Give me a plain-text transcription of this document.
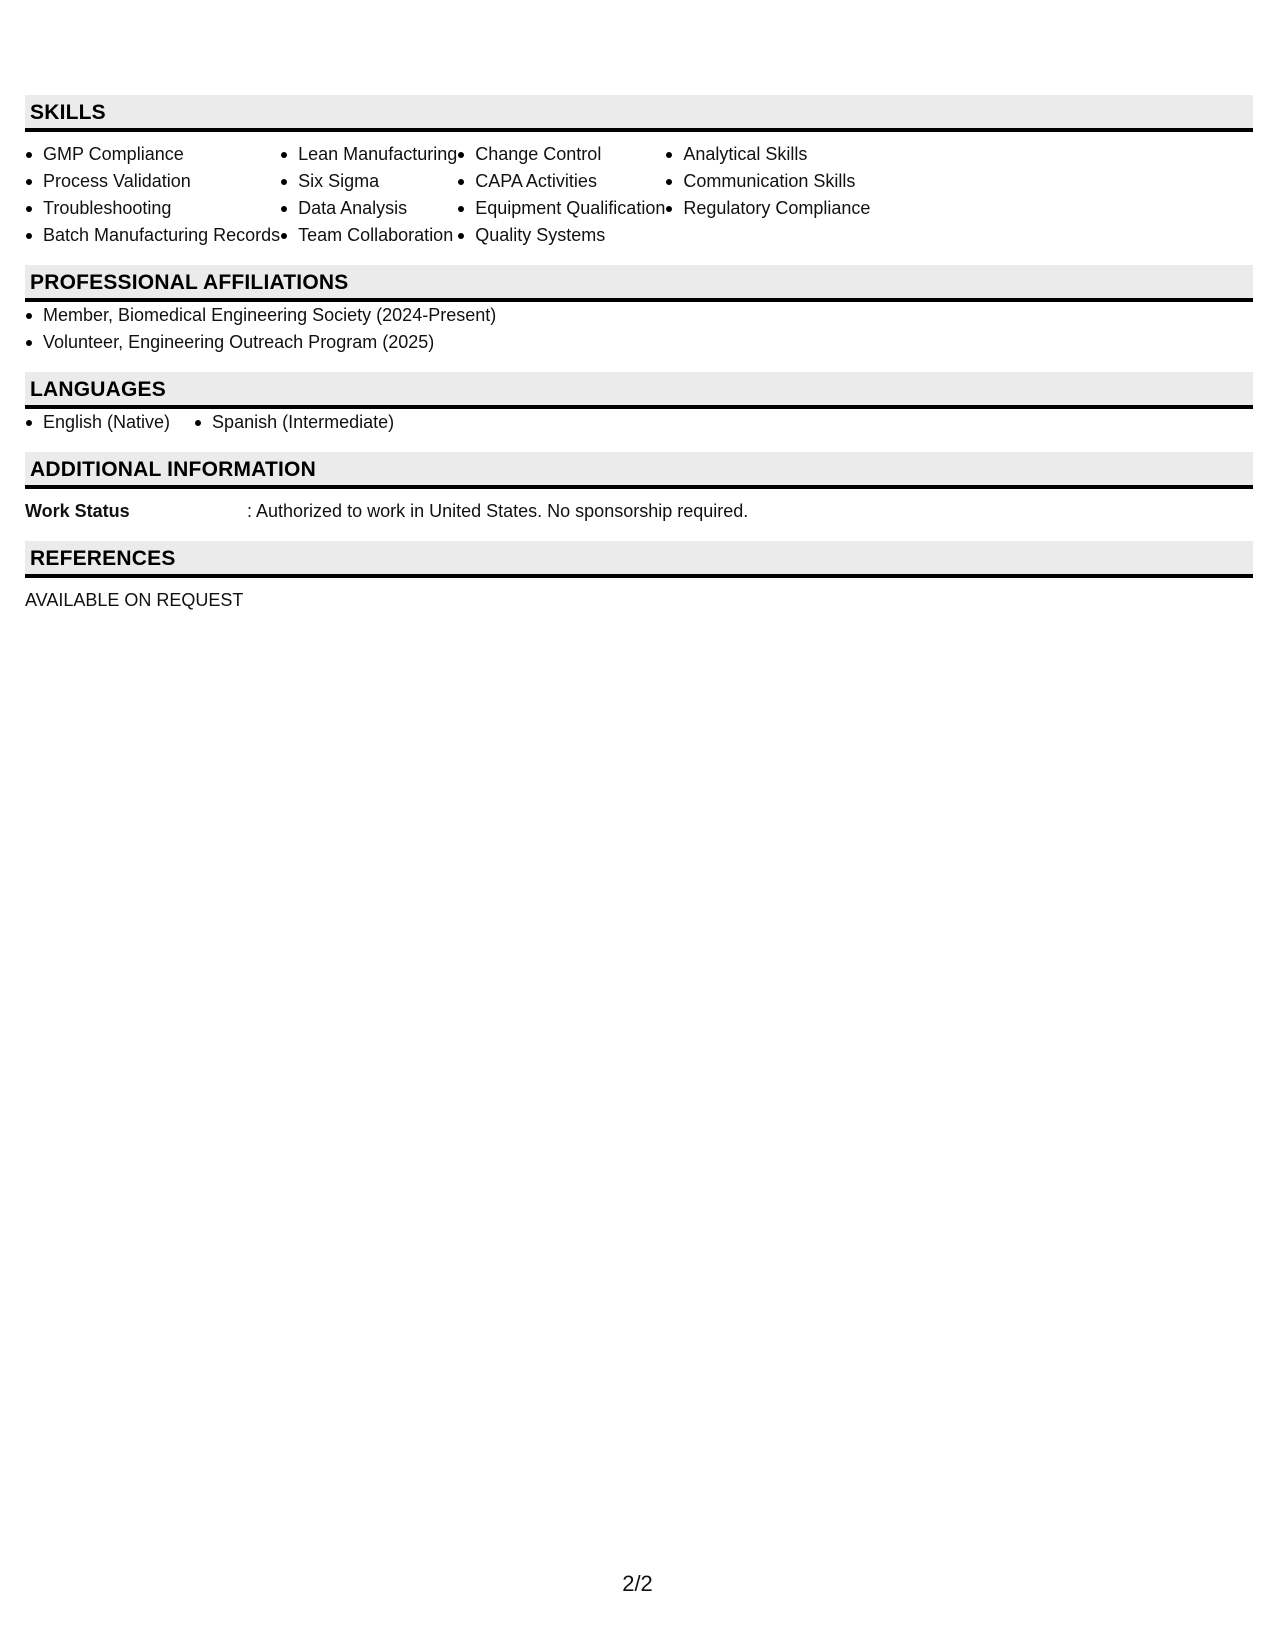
SKILLS
GMP Compliance
Process Validation
Troubleshooting
Batch Manufacturing Records
Lean Manufacturing
Six Sigma
Data Analysis
Team Collaboration
Change Control
CAPA Activities
Equipment Qualification
Quality Systems
Analytical Skills
Communication Skills
Regulatory Compliance
PROFESSIONAL AFFILIATIONS
Member, Biomedical Engineering Society (2024-Present)
Volunteer, Engineering Outreach Program (2025)
LANGUAGES
English (Native)	Spanish (Intermediate)
ADDITIONAL INFORMATION
Work Status	: Authorized to work in United States. No sponsorship required.
REFERENCES
AVAILABLE ON REQUEST
2/2
